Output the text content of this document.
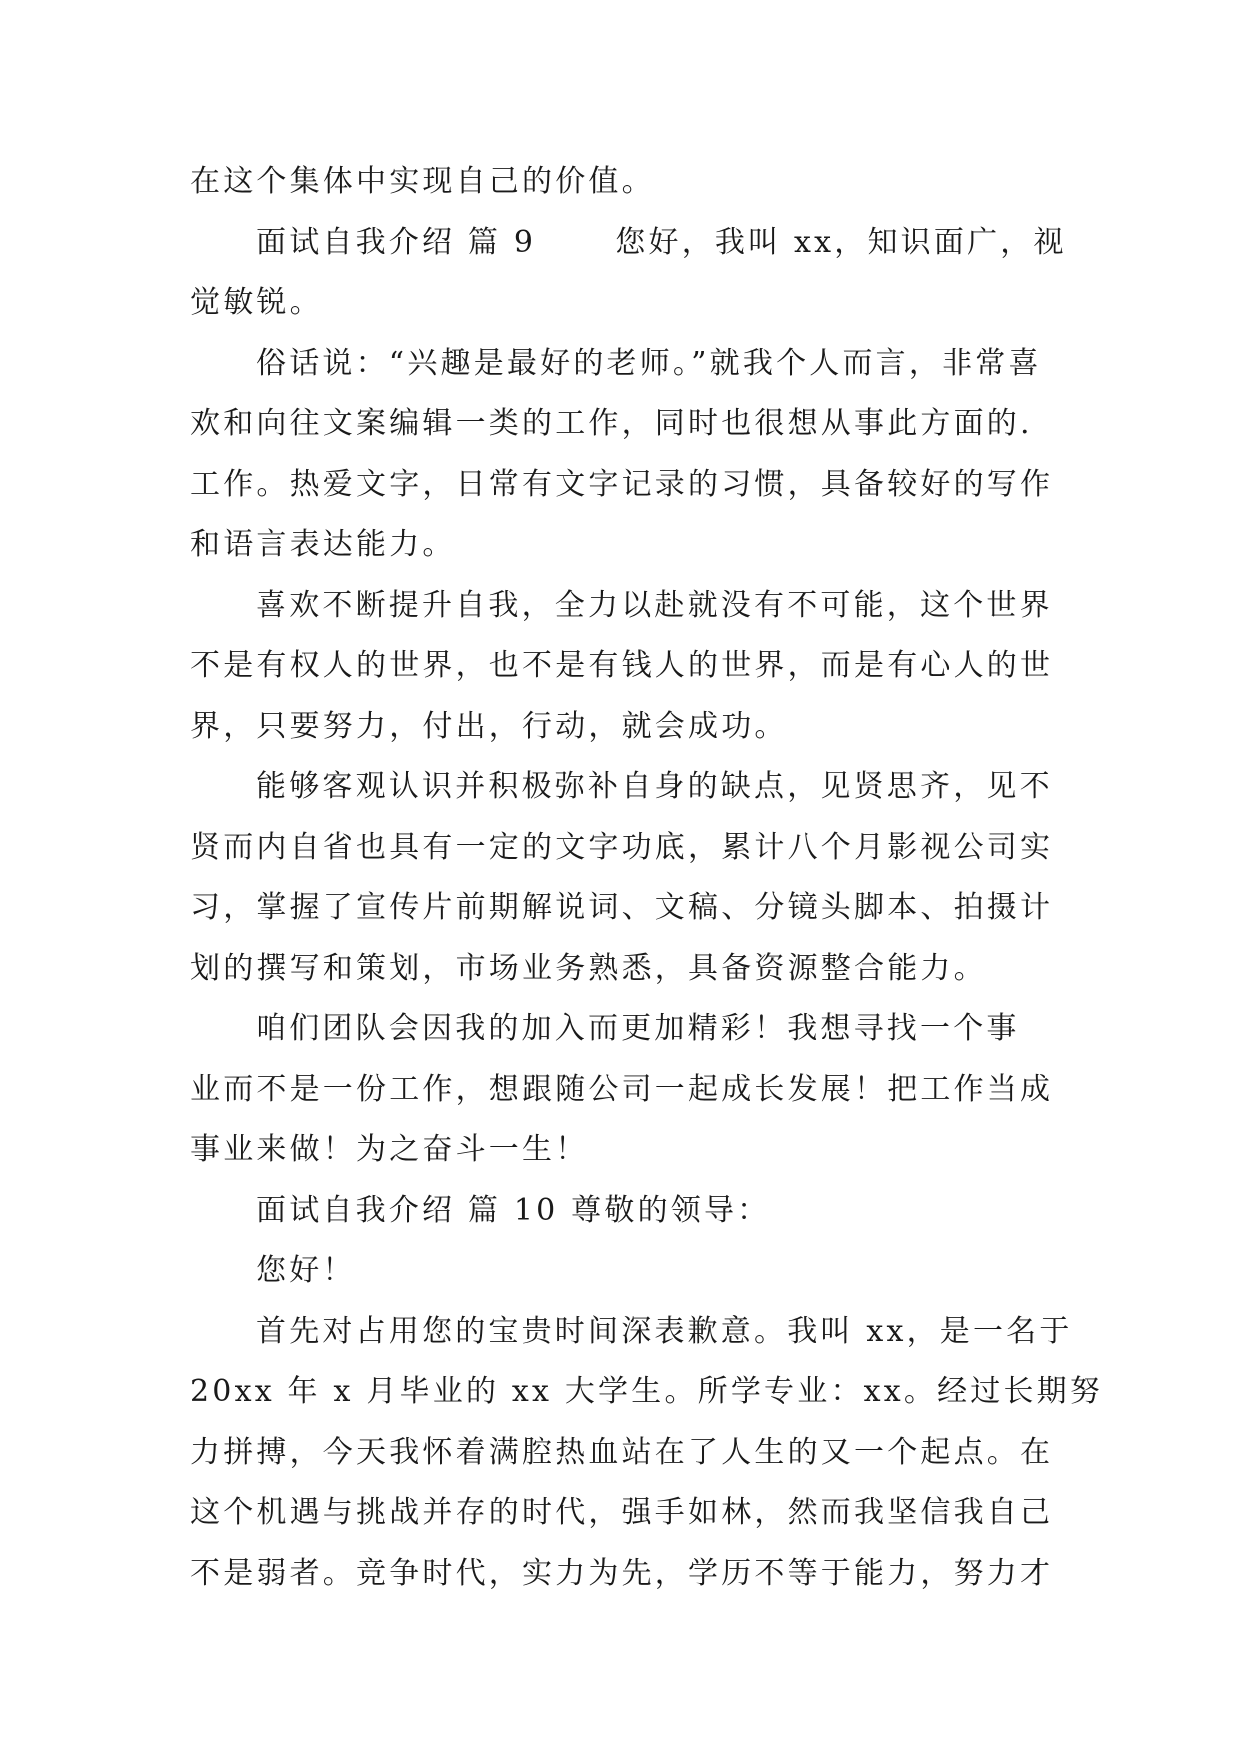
在这个集体中实现自己的价值。
面试自我介绍 篇 9　　 您好，我叫 xx，知识面广，视
觉敏锐。
俗话说：“兴趣是最好的老师。”就我个人而言，非常喜
欢和向往文案编辑一类的工作，同时也很想从事此方面的.
工作。热爱文字，日常有文字记录的习惯，具备较好的写作
和语言表达能力。
喜欢不断提升自我，全力以赴就没有不可能，这个世界
不是有权人的世界，也不是有钱人的世界，而是有心人的世
界，只要努力，付出，行动，就会成功。
能够客观认识并积极弥补自身的缺点，见贤思齐，见不
贤而内自省也具有一定的文字功底，累计八个月影视公司实
习，掌握了宣传片前期解说词、文稿、分镜头脚本、拍摄计
划的撰写和策划，市场业务熟悉，具备资源整合能力。
咱们团队会因我的加入而更加精彩！我想寻找一个事
业而不是一份工作，想跟随公司一起成长发展！把工作当成
事业来做！为之奋斗一生！
面试自我介绍 篇 10 尊敬的领导：
您好！
首先对占用您的宝贵时间深表歉意。我叫 xx，是一名于
20xx 年 x 月毕业的 xx 大学生。所学专业：xx。经过长期努
力拼搏，今天我怀着满腔热血站在了人生的又一个起点。在
这个机遇与挑战并存的时代，强手如林，然而我坚信我自己
不是弱者。竞争时代，实力为先，学历不等于能力，努力才
